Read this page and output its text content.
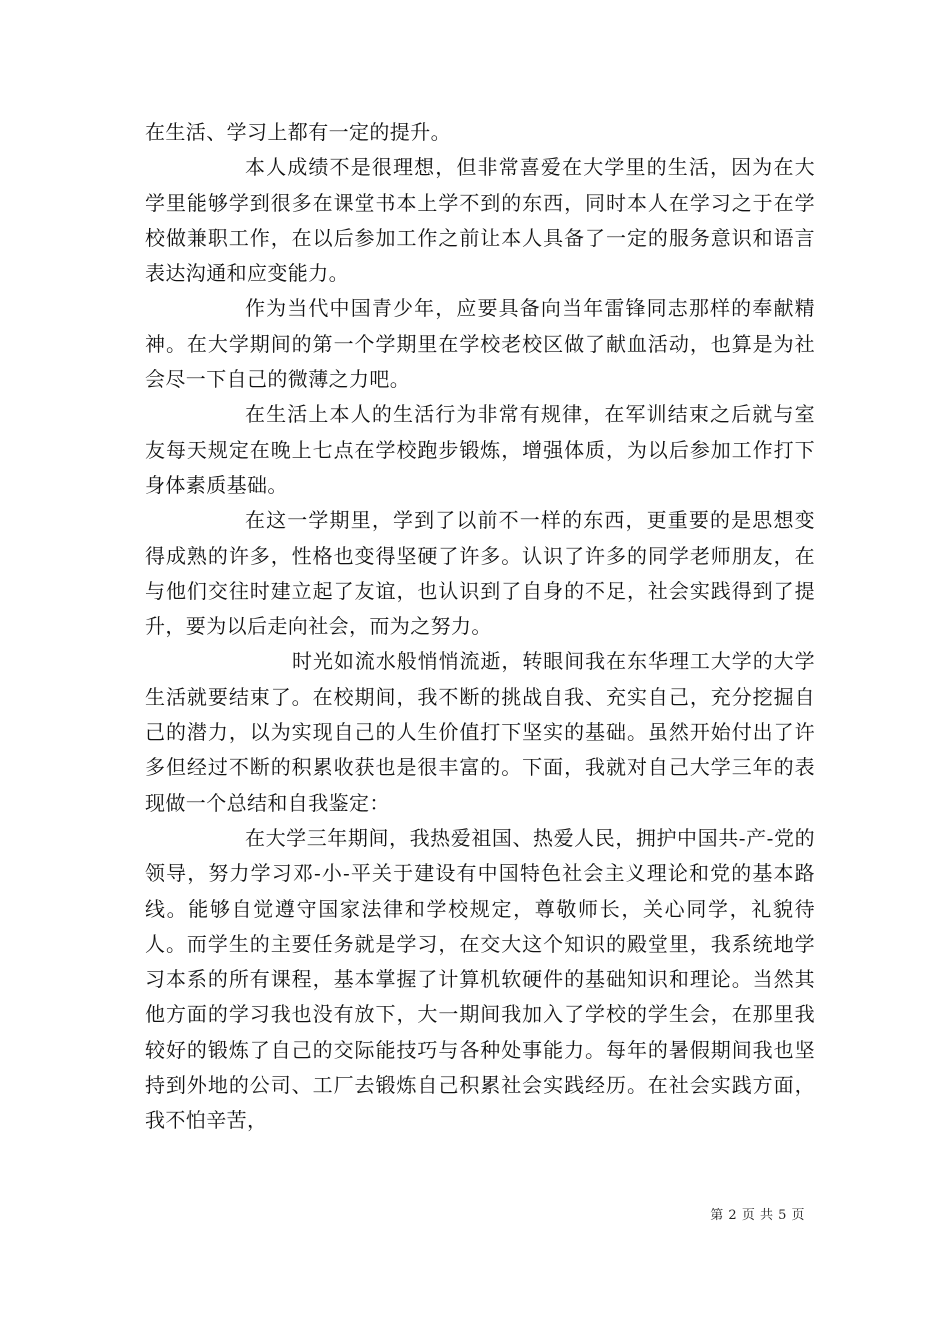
在生活、学习上都有一定的提升。

本人成绩不是很理想，但非常喜爱在大学里的生活，因为在大学里能够学到很多在课堂书本上学不到的东西，同时本人在学习之于在学校做兼职工作，在以后参加工作之前让本人具备了一定的服务意识和语言表达沟通和应变能力。

作为当代中国青少年，应要具备向当年雷锋同志那样的奉献精神。在大学期间的第一个学期里在学校老校区做了献血活动，也算是为社会尽一下自己的微薄之力吧。

在生活上本人的生活行为非常有规律，在军训结束之后就与室友每天规定在晚上七点在学校跑步锻炼，增强体质，为以后参加工作打下身体素质基础。

在这一学期里，学到了以前不一样的东西，更重要的是思想变得成熟的许多，性格也变得坚硬了许多。认识了许多的同学老师朋友，在与他们交往时建立起了友谊，也认识到了自身的不足，社会实践得到了提升，要为以后走向社会，而为之努力。

时光如流水般悄悄流逝，转眼间我在东华理工大学的大学生活就要结束了。在校期间，我不断的挑战自我、充实自己，充分挖掘自己的潜力，以为实现自己的人生价值打下坚实的基础。虽然开始付出了许多但经过不断的积累收获也是很丰富的。下面，我就对自己大学三年的表现做一个总结和自我鉴定：

在大学三年期间，我热爱祖国、热爱人民，拥护中国共-产-党的领导，努力学习邓-小-平关于建设有中国特色社会主义理论和党的基本路线。能够自觉遵守国家法律和学校规定，尊敬师长，关心同学，礼貌待人。而学生的主要任务就是学习，在交大这个知识的殿堂里，我系统地学习本系的所有课程，基本掌握了计算机软硬件的基础知识和理论。当然其他方面的学习我也没有放下，大一期间我加入了学校的学生会，在那里我较好的锻炼了自己的交际能技巧与各种处事能力。每年的暑假期间我也坚持到外地的公司、工厂去锻炼自己积累社会实践经历。在社会实践方面，我不怕辛苦，

第 2 页 共 5 页
